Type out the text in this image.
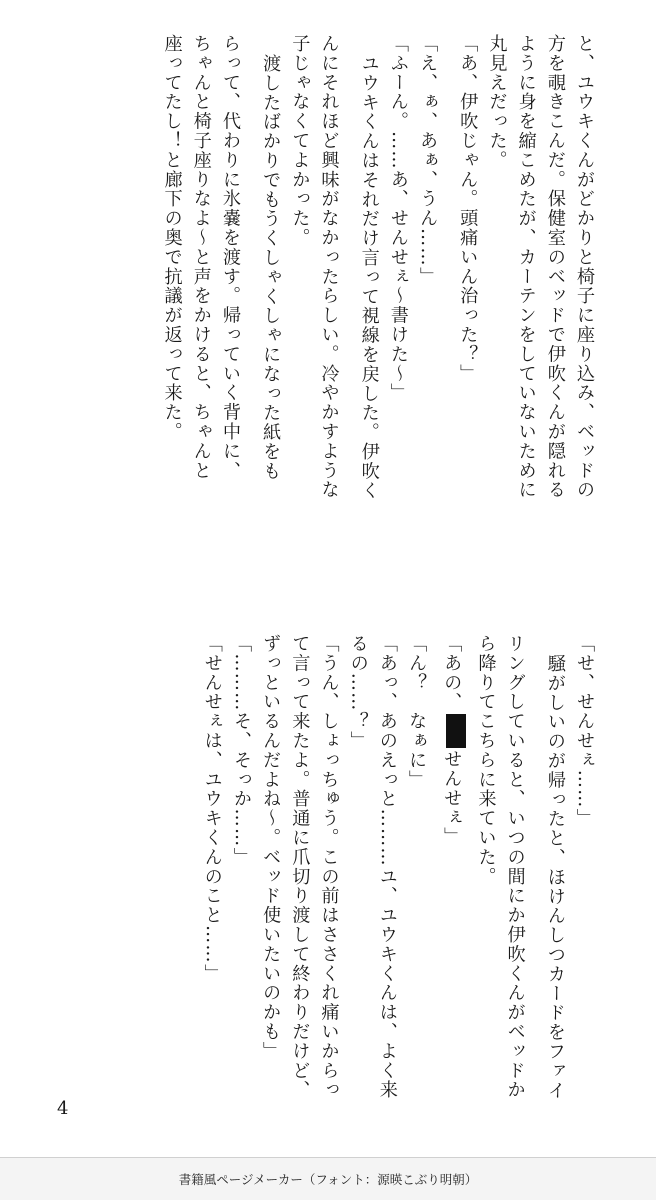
と、ユウキくんがどかりと椅子に座り込み、ベッドの
方を覗きこんだ。保健室のベッドで伊吹くんが隠れる
ように身を縮こめたが、カーテンをしていないために
丸見えだった。
「あ、伊吹じゃん。頭痛いん治った？」
「え、ぁ、あぁ、うん……」
「ふーん。……あ、せんせぇ～書けた～」
ユウキくんはそれだけ言って視線を戻した。伊吹く
んにそれほど興味がなかったらしい。冷やかすような
子じゃなくてよかった。
渡したばかりでもうくしゃくしゃになった紙をも
らって、代わりに氷嚢を渡す。帰っていく背中に、
ちゃんと椅子座りなよ～と声をかけると、ちゃんと
座ってたし！と廊下の奥で抗議が返って来た。
「せ、せんせぇ……」
騒がしいのが帰ったと、ほけんしつカードをファイ
リングしていると、いつの間にか伊吹くんがベッドか
ら降りてこちらに来ていた。
「あの、せんせぇ」
「ん？　なぁに」
「あっ、あのえっと………ユ、ユウキくんは、よく来
るの……？」
「うん、しょっちゅう。この前はささくれ痛いからっ
て言って来たよ。普通に爪切り渡して終わりだけど、
ずっといるんだよね～。ベッド使いたいのかも」
「………そ、そっか……」
「せんせぇは、ユウキくんのこと……」
4
書籍風ページメーカー（フォント：源暎こぶり明朝）
